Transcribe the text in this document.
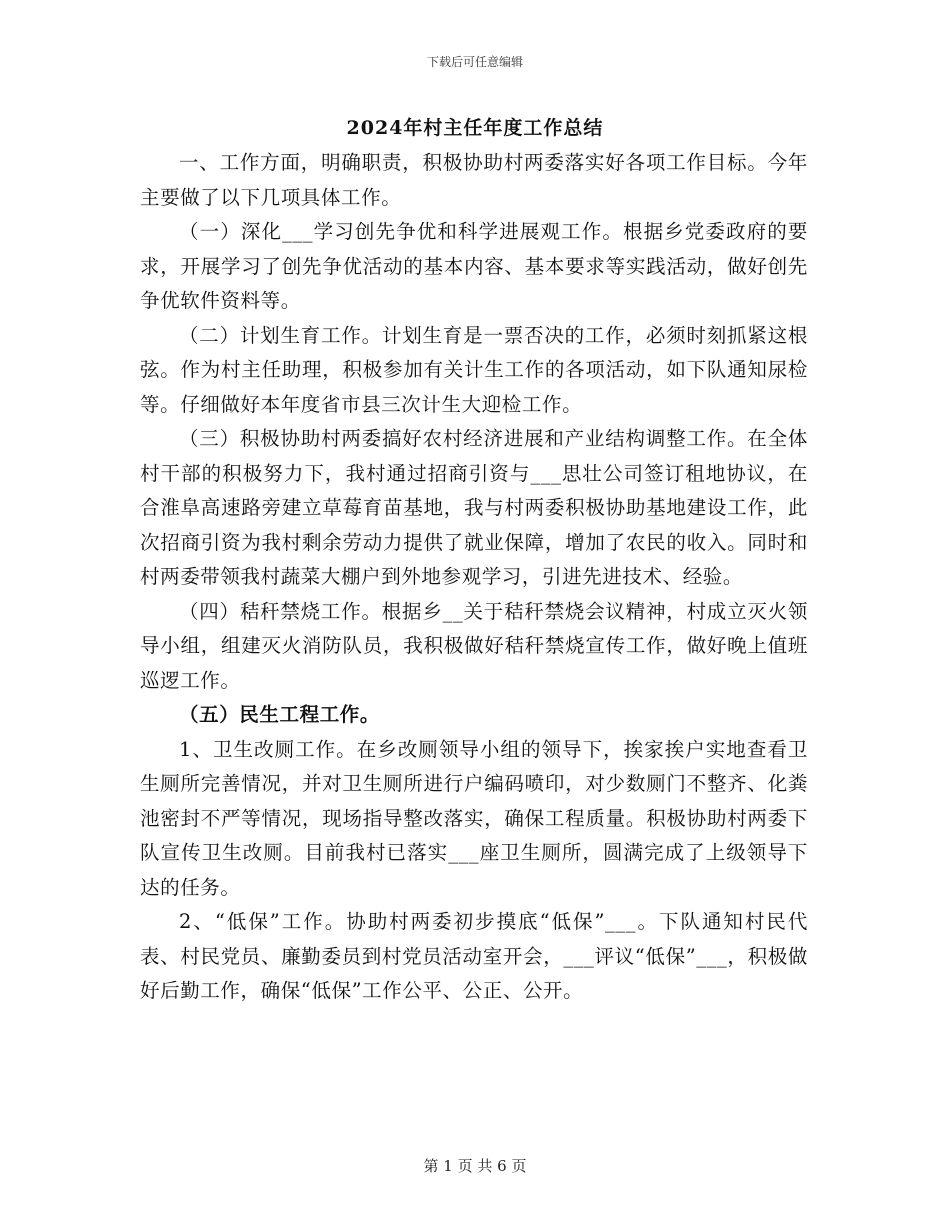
下载后可任意编辑
2024年村主任年度工作总结

一、工作方面，明确职责，积极协助村两委落实好各项工作目标。今年主要做了以下几项具体工作。

（一）深化___学习创先争优和科学进展观工作。根据乡党委政府的要求，开展学习了创先争优活动的基本内容、基本要求等实践活动，做好创先争优软件资料等。

（二）计划生育工作。计划生育是一票否决的工作，必须时刻抓紧这根弦。作为村主任助理，积极参加有关计生工作的各项活动，如下队通知尿检等。仔细做好本年度省市县三次计生大迎检工作。

（三）积极协助村两委搞好农村经济进展和产业结构调整工作。在全体村干部的积极努力下，我村通过招商引资与___思壮公司签订租地协议，在合淮阜高速路旁建立草莓育苗基地，我与村两委积极协助基地建设工作，此次招商引资为我村剩余劳动力提供了就业保障，增加了农民的收入。同时和村两委带领我村蔬菜大棚户到外地参观学习，引进先进技术、经验。

（四）秸秆禁烧工作。根据乡__关于秸秆禁烧会议精神，村成立灭火领导小组，组建灭火消防队员，我积极做好秸秆禁烧宣传工作，做好晚上值班巡逻工作。

（五）民生工程工作。

1、卫生改厕工作。在乡改厕领导小组的领导下，挨家挨户实地查看卫生厕所完善情况，并对卫生厕所进行户编码喷印，对少数厕门不整齐、化粪池密封不严等情况，现场指导整改落实，确保工程质量。积极协助村两委下队宣传卫生改厕。目前我村已落实___座卫生厕所，圆满完成了上级领导下达的任务。

2、“低保”工作。协助村两委初步摸底“低保”___。下队通知村民代表、村民党员、廉勤委员到村党员活动室开会，___评议“低保”___，积极做好后勤工作，确保“低保”工作公平、公正、公开。

第 1 页 共 6 页
